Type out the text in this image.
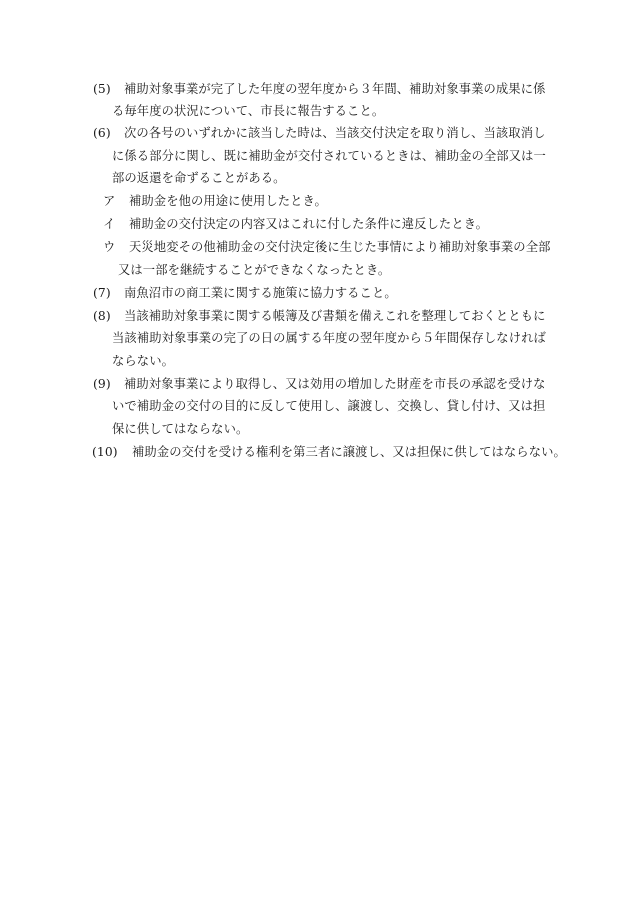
(5) 補助対象事業が完了した年度の翌年度から３年間、補助対象事業の成果に係
る毎年度の状況について、市長に報告すること。
(6) 次の各号のいずれかに該当した時は、当該交付決定を取り消し、当該取消し
に係る部分に関し、既に補助金が交付されているときは、補助金の全部又は一
部の返還を命ずることがある。
ア 補助金を他の用途に使用したとき。
イ 補助金の交付決定の内容又はこれに付した条件に違反したとき。
ウ 天災地変その他補助金の交付決定後に生じた事情により補助対象事業の全部
又は一部を継続することができなくなったとき。
(7) 南魚沼市の商工業に関する施策に協力すること。
(8) 当該補助対象事業に関する帳簿及び書類を備えこれを整理しておくとともに
当該補助対象事業の完了の日の属する年度の翌年度から５年間保存しなければ
ならない。
(9) 補助対象事業により取得し、又は効用の増加した財産を市長の承認を受けな
いで補助金の交付の目的に反して使用し、譲渡し、交換し、貸し付け、又は担
保に供してはならない。
(10) 補助金の交付を受ける権利を第三者に譲渡し、又は担保に供してはならない。
